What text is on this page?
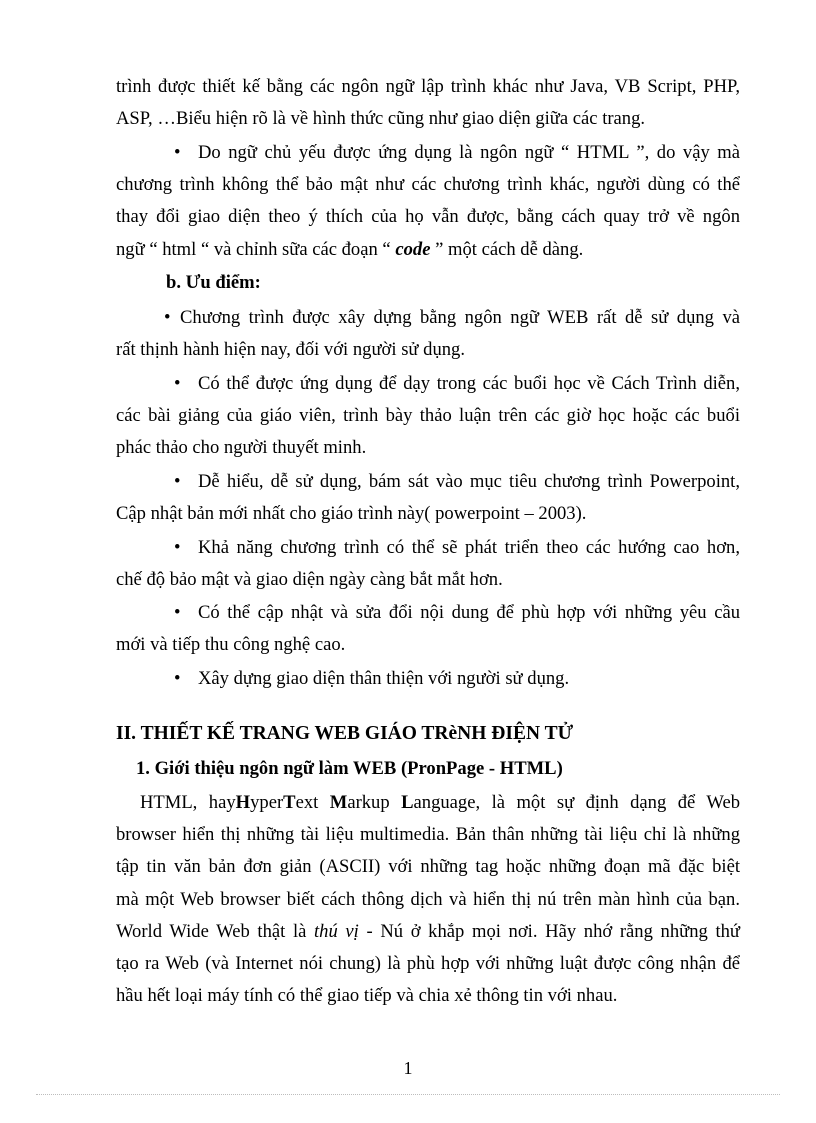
trình được thiết kế bằng các ngôn ngữ lập trình khác như Java, VB Script, PHP,
ASP, …Biểu hiện rõ là về hình thức cũng như giao diện giữa các trang.
• Do ngữ chủ yếu được ứng dụng là ngôn ngữ “ HTML ”, do vậy mà
chương trình không thể bảo mật như các chương trình khác, người dùng có thể
thay đổi giao diện theo ý thích của họ vẫn được, bằng cách quay trở về ngôn
ngữ “ html “ và chỉnh sữa các đoạn “ code ” một cách dễ dàng.
b. Ưu điểm:
• Chương trình được xây dựng bằng ngôn ngữ WEB rất dễ sử dụng và
rất thịnh hành hiện nay, đối với người sử dụng.
• Có thể được ứng dụng để dạy trong các buổi học về Cách Trình diễn,
các bài giảng của giáo viên, trình bày thảo luận trên các giờ học hoặc các buổi
phác thảo cho người thuyết minh.
• Dễ hiểu, dễ sử dụng, bám sát vào mục tiêu chương trình Powerpoint,
Cập nhật bản mới nhất cho giáo trình này( powerpoint – 2003).
• Khả năng chương trình có thể sẽ phát triển theo các hướng cao hơn,
chế độ bảo mật và giao diện ngày càng bắt mắt hơn.
• Có thể cập nhật và sửa đổi nội dung để phù hợp với những yêu cầu
mới và tiếp thu công nghệ cao.
• Xây dựng giao diện thân thiện với người sử dụng.
II. THIẾT KẾ TRANG WEB GIÁO TRèNH ĐIỆN TỬ
1. Giới thiệu ngôn ngữ làm WEB (PronPage - HTML)
HTML, hayHyperText Markup Language, là một sự định dạng để Web
browser hiển thị những tài liệu multimedia. Bản thân những tài liệu chỉ là những
tập tin văn bản đơn giản (ASCII) với những tag hoặc những đoạn mã đặc biệt
mà một Web browser biết cách thông dịch và hiển thị nú trên màn hình của bạn.
World Wide Web thật là thú vị - Nú ở khắp mọi nơi. Hãy nhớ rằng những thứ
tạo ra Web (và Internet nói chung) là phù hợp với những luật được công nhận để
hầu hết loại máy tính có thể giao tiếp và chia xẻ thông tin với nhau.
1
